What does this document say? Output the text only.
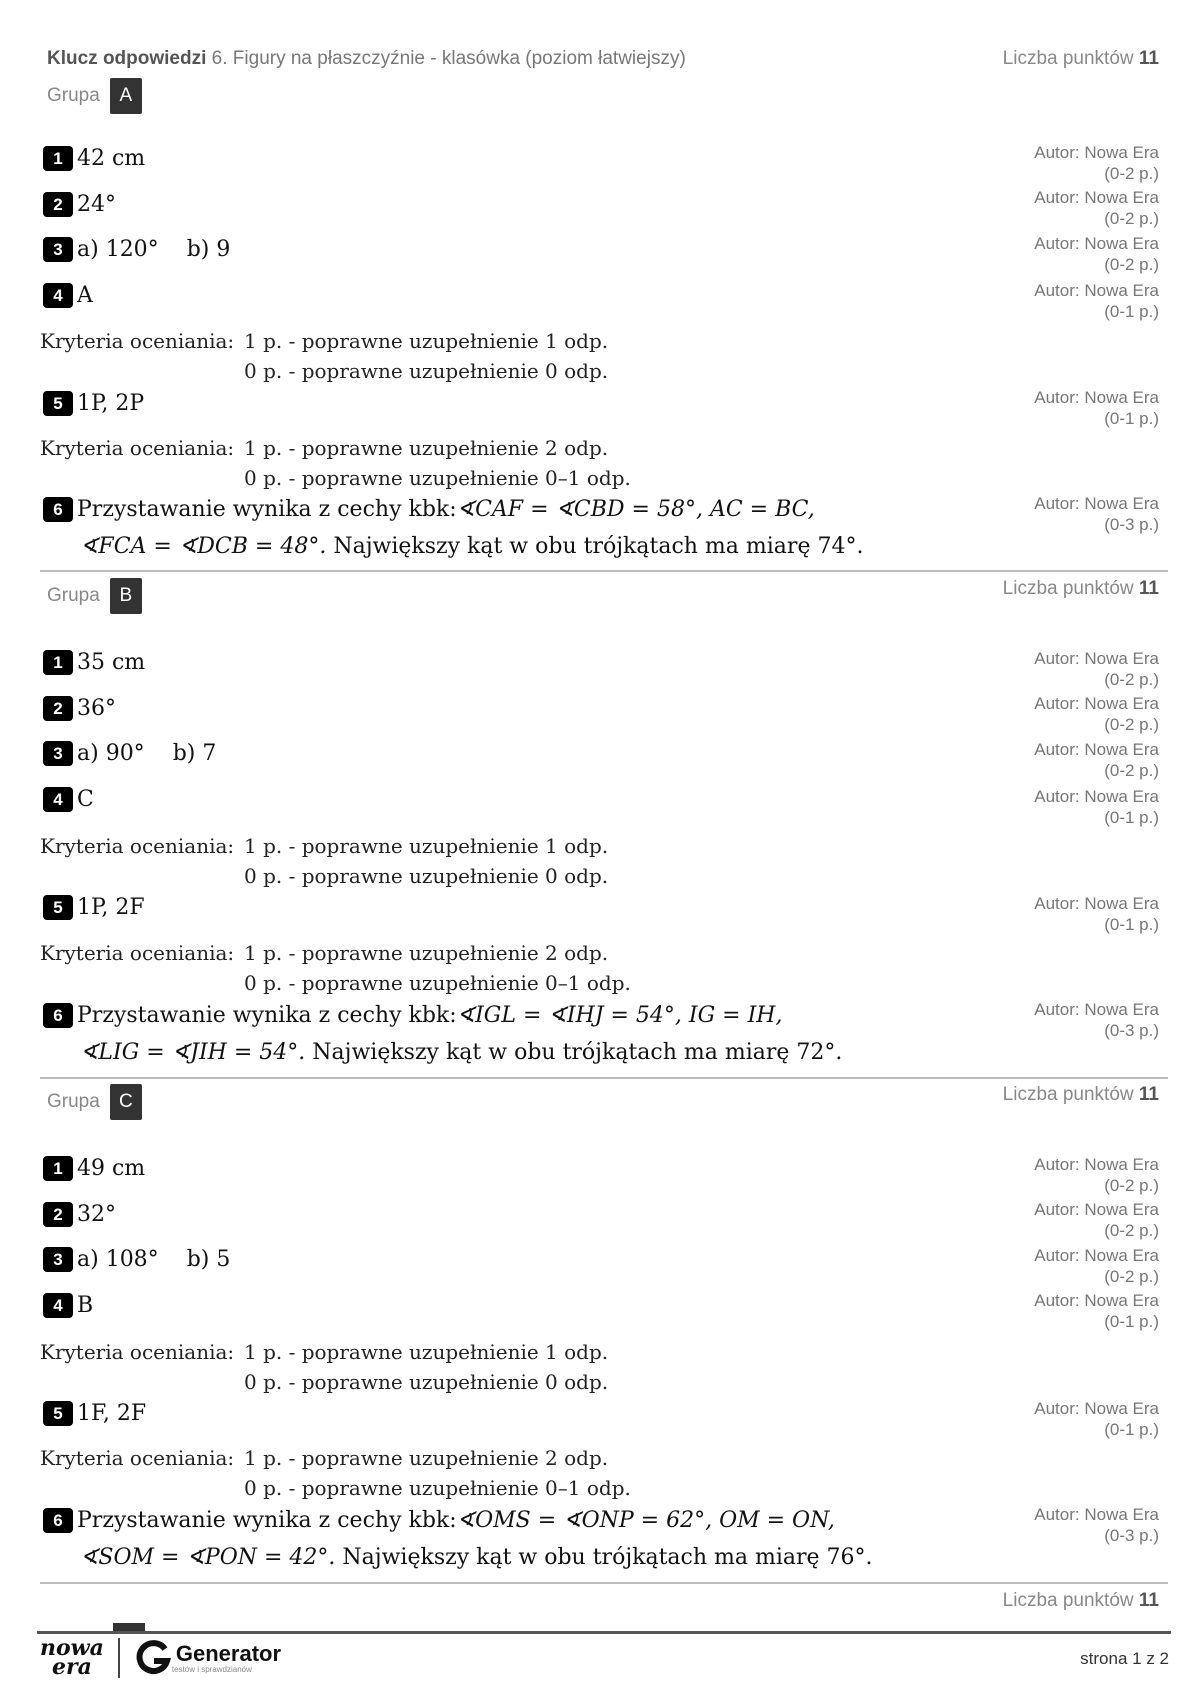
Klucz odpowiedzi 6. Figury na płaszczyźnie - klasówka (poziom łatwiejszy)	Liczba punktów 11
Grupa	A
1 42 cm	Autor: Nowa Era
(0-2 p.)
2 24°	Autor: Nowa Era
(0-2 p.)
3 a) 120° b) 9	Autor: Nowa Era
(0-2 p.)
4 A	Autor: Nowa Era
(0-1 p.)
Kryteria oceniania: 1 p. - poprawne uzupełnienie 1 odp.
0 p. - poprawne uzupełnienie 0 odp.
5 1P, 2P	Autor: Nowa Era
(0-1 p.)
Kryteria oceniania: 1 p. - poprawne uzupełnienie 2 odp.
0 p. - poprawne uzupełnienie 0–1 odp.
6 Przystawanie wynika z cechy kbk: ∢CAF = ∢CBD = 58°, AC = BC,
∢FCA = ∢DCB = 48°. Największy kąt w obu trójkątach ma miarę 74°.
Autor: Nowa Era
(0-3 p.)
Grupa	B	Liczba punktów 11
1 35 cm	Autor: Nowa Era
(0-2 p.)
2 36°	Autor: Nowa Era
(0-2 p.)
3 a) 90° b) 7	Autor: Nowa Era
(0-2 p.)
4 C	Autor: Nowa Era
(0-1 p.)
Kryteria oceniania: 1 p. - poprawne uzupełnienie 1 odp.
0 p. - poprawne uzupełnienie 0 odp.
5 1P, 2F	Autor: Nowa Era
(0-1 p.)
Kryteria oceniania: 1 p. - poprawne uzupełnienie 2 odp.
0 p. - poprawne uzupełnienie 0–1 odp.
6 Przystawanie wynika z cechy kbk: ∢IGL = ∢IHJ = 54°, IG = IH,
∢LIG = ∢JIH = 54°. Największy kąt w obu trójkątach ma miarę 72°.
Autor: Nowa Era
(0-3 p.)
Grupa	C	Liczba punktów 11
1 49 cm	Autor: Nowa Era
(0-2 p.)
2 32°	Autor: Nowa Era
(0-2 p.)
3 a) 108° b) 5	Autor: Nowa Era
(0-2 p.)
4 B	Autor: Nowa Era
(0-1 p.)
Kryteria oceniania: 1 p. - poprawne uzupełnienie 1 odp.
0 p. - poprawne uzupełnienie 0 odp.
5 1F, 2F	Autor: Nowa Era
(0-1 p.)
Kryteria oceniania: 1 p. - poprawne uzupełnienie 2 odp.
0 p. - poprawne uzupełnienie 0–1 odp.
6 Przystawanie wynika z cechy kbk: ∢OMS = ∢ONP = 62°, OM = ON,
∢SOM = ∢PON = 42°. Największy kąt w obu trójkątach ma miarę 76°.
Autor: Nowa Era
(0-3 p.)
Liczba punktów 11
nowa
era
Generator
testów i sprawdzianów
strona 1 z 2
